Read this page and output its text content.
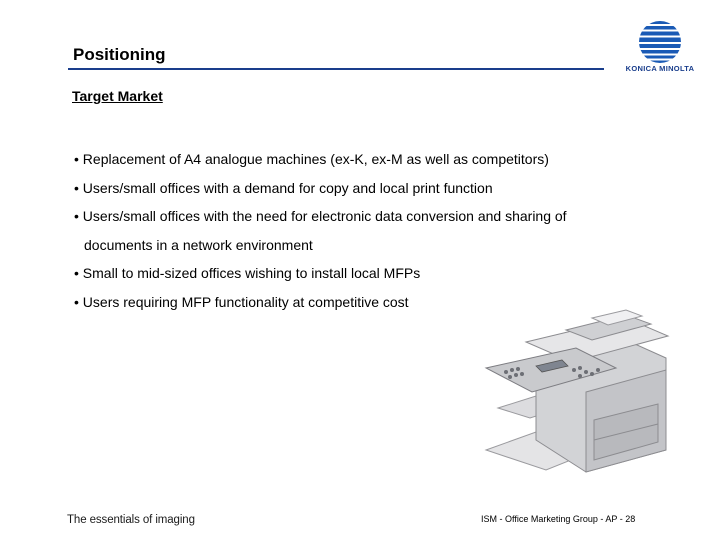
Positioning
KONICA MINOLTA
Target Market
• Replacement of A4 analogue machines (ex-K, ex-M as well as competitors)
• Users/small offices with a demand for copy and local print function
• Users/small offices with the need for electronic data conversion and sharing of
documents in a network environment
• Small to mid-sized offices wishing to install local MFPs
• Users requiring MFP functionality at competitive cost
The essentials of imaging	ISM - Office Marketing Group - AP - 28
